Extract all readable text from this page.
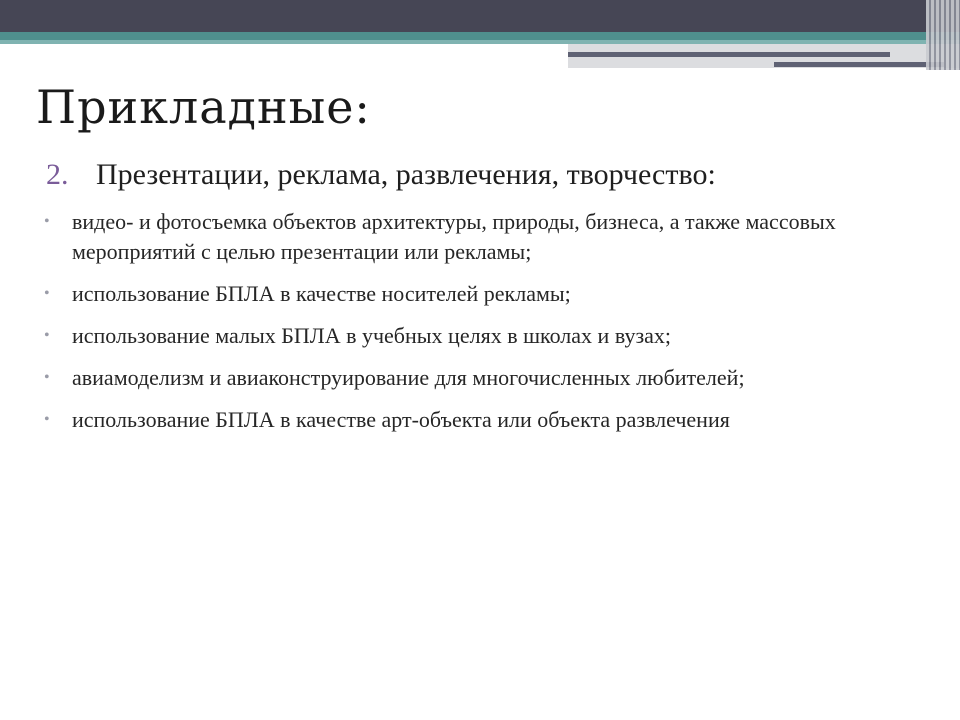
Прикладные:
2. Презентации, реклама, развлечения, творчество:
•	видео- и фотосъемка объектов архитектуры, природы, бизнеса, а также массовых мероприятий с целью презентации или рекламы;
•	использование БПЛА в качестве носителей рекламы;
•	использование малых БПЛА в учебных целях в школах и вузах;
•	авиамоделизм и авиаконструирование для многочисленных любителей;
•	использование БПЛА в качестве арт-объекта или объекта развлечения
